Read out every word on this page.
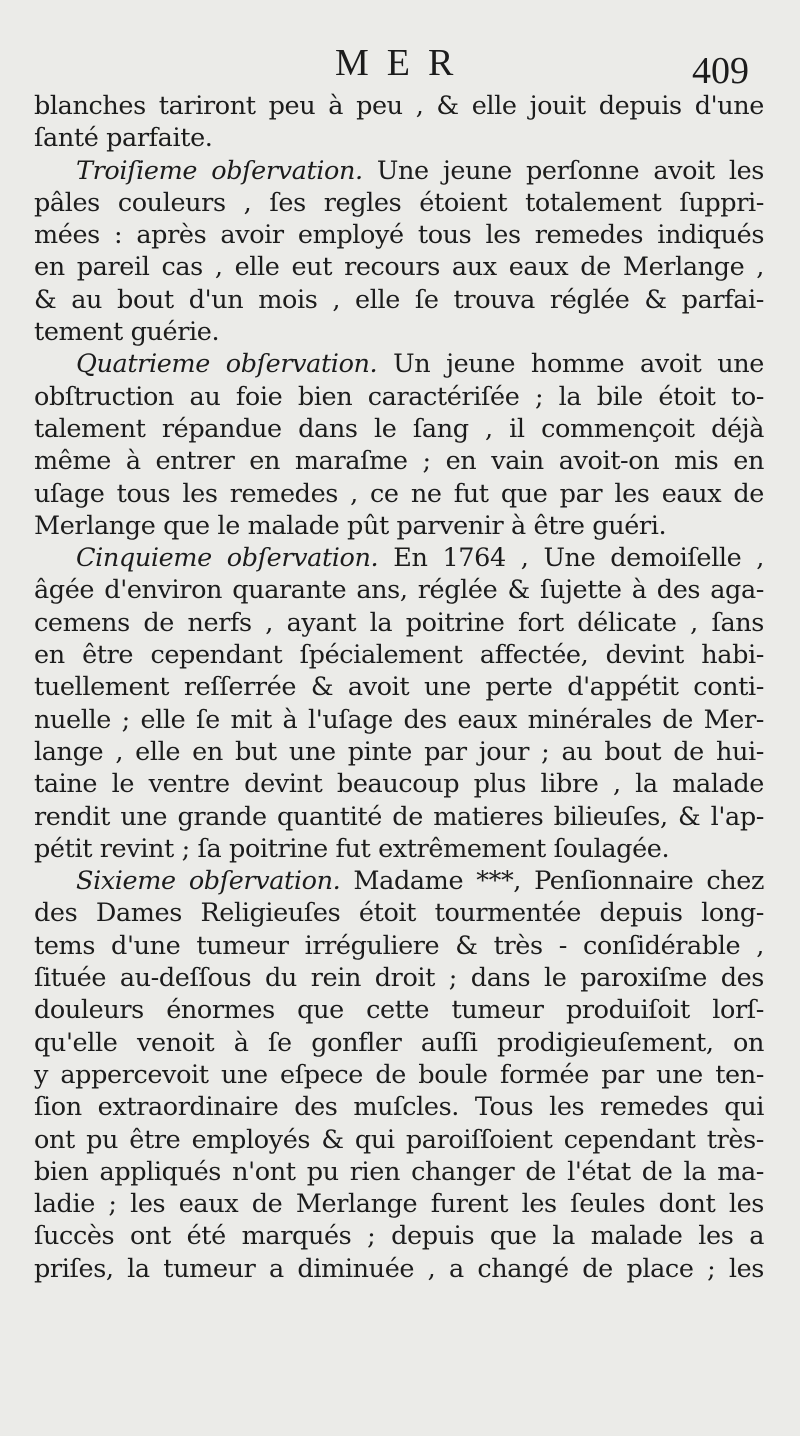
MER	409
blanches tariront peu à peu , & elle jouit depuis d'une
ſanté parfaite.
Troiſieme obſervation. Une jeune perſonne avoit les
pâles couleurs , ſes regles étoient totalement ſuppri-
mées : après avoir employé tous les remedes indiqués
en pareil cas , elle eut recours aux eaux de Merlange ,
& au bout d'un mois , elle ſe trouva réglée & parfai-
tement guérie.
Quatrieme obſervation. Un jeune homme avoit une
obſtruction au foie bien caractériſée ; la bile étoit to-
talement répandue dans le ſang , il commençoit déjà
même à entrer en maraſme ; en vain avoit-on mis en
uſage tous les remedes , ce ne fut que par les eaux de
Merlange que le malade pût parvenir à être guéri.
Cinquieme obſervation. En 1764 , Une demoiſelle ,
âgée d'environ quarante ans, réglée & ſujette à des aga-
cemens de nerfs , ayant la poitrine fort délicate , ſans
en être cependant ſpécialement affectée, devint habi-
tuellement reſſerrée & avoit une perte d'appétit conti-
nuelle ; elle ſe mit à l'uſage des eaux minérales de Mer-
lange , elle en but une pinte par jour ; au bout de hui-
taine le ventre devint beaucoup plus libre , la malade
rendit une grande quantité de matieres bilieuſes, & l'ap-
pétit revint ; ſa poitrine fut extrêmement ſoulagée.
Sixieme obſervation. Madame ***, Penſionnaire chez
des Dames Religieuſes étoit tourmentée depuis long-
tems d'une tumeur irréguliere & très - conſidérable ,
ſituée au-deſſous du rein droit ; dans le paroxiſme des
douleurs énormes que cette tumeur produiſoit lorſ-
qu'elle venoit à ſe gonfler auſſi prodigieuſement, on
y appercevoit une eſpece de boule formée par une ten-
ſion extraordinaire des muſcles. Tous les remedes qui
ont pu être employés & qui paroiſſoient cependant très-
bien appliqués n'ont pu rien changer de l'état de la ma-
ladie ; les eaux de Merlange furent les ſeules dont les
ſuccès ont été marqués ; depuis que la malade les a
priſes, la tumeur a diminuée , a changé de place ; les
